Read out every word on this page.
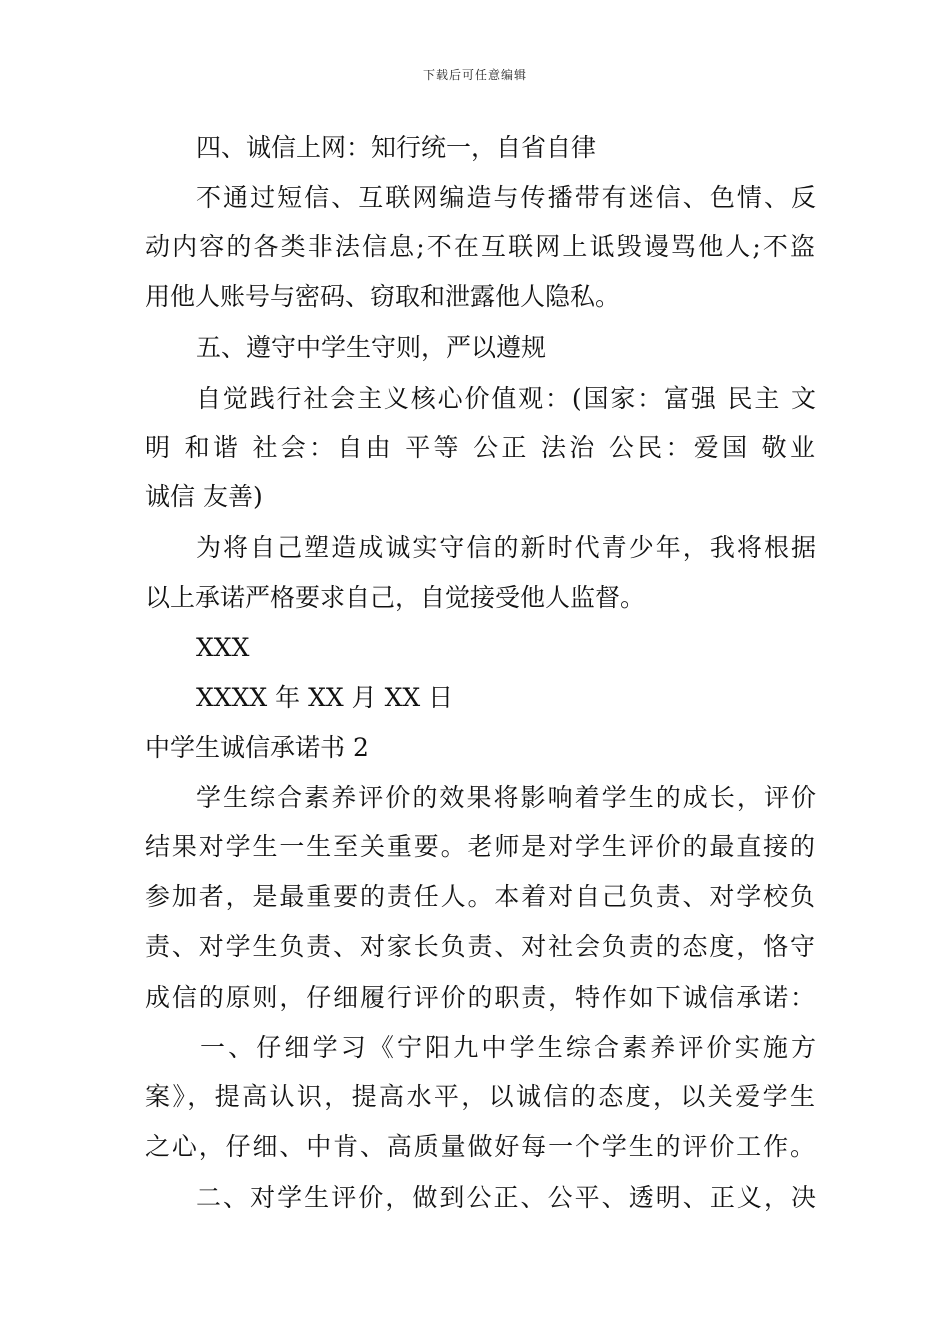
下载后可任意编辑
四、诚信上网：知行统一，自省自律
不通过短信、互联网编造与传播带有迷信、色情、反
动内容的各类非法信息;不在互联网上诋毁谩骂他人;不盗
用他人账号与密码、窃取和泄露他人隐私。
五、遵守中学生守则，严以遵规
自觉践行社会主义核心价值观：(国家：富强 民主 文
明 和谐 社会：自由 平等 公正 法治 公民：爱国 敬业
诚信 友善)
为将自己塑造成诚实守信的新时代青少年，我将根据
以上承诺严格要求自己，自觉接受他人监督。
XXX
XXXX 年 XX 月 XX 日
中学生诚信承诺书 2
学生综合素养评价的效果将影响着学生的成长，评价
结果对学生一生至关重要。老师是对学生评价的最直接的
参加者，是最重要的责任人。本着对自己负责、对学校负
责、对学生负责、对家长负责、对社会负责的态度，恪守
成信的原则，仔细履行评价的职责，特作如下诚信承诺：
一、仔细学习《宁阳九中学生综合素养评价实施方
案》，提高认识，提高水平，以诚信的态度，以关爱学生
之心，仔细、中肯、高质量做好每一个学生的评价工作。
二、对学生评价，做到公正、公平、透明、正义，决
